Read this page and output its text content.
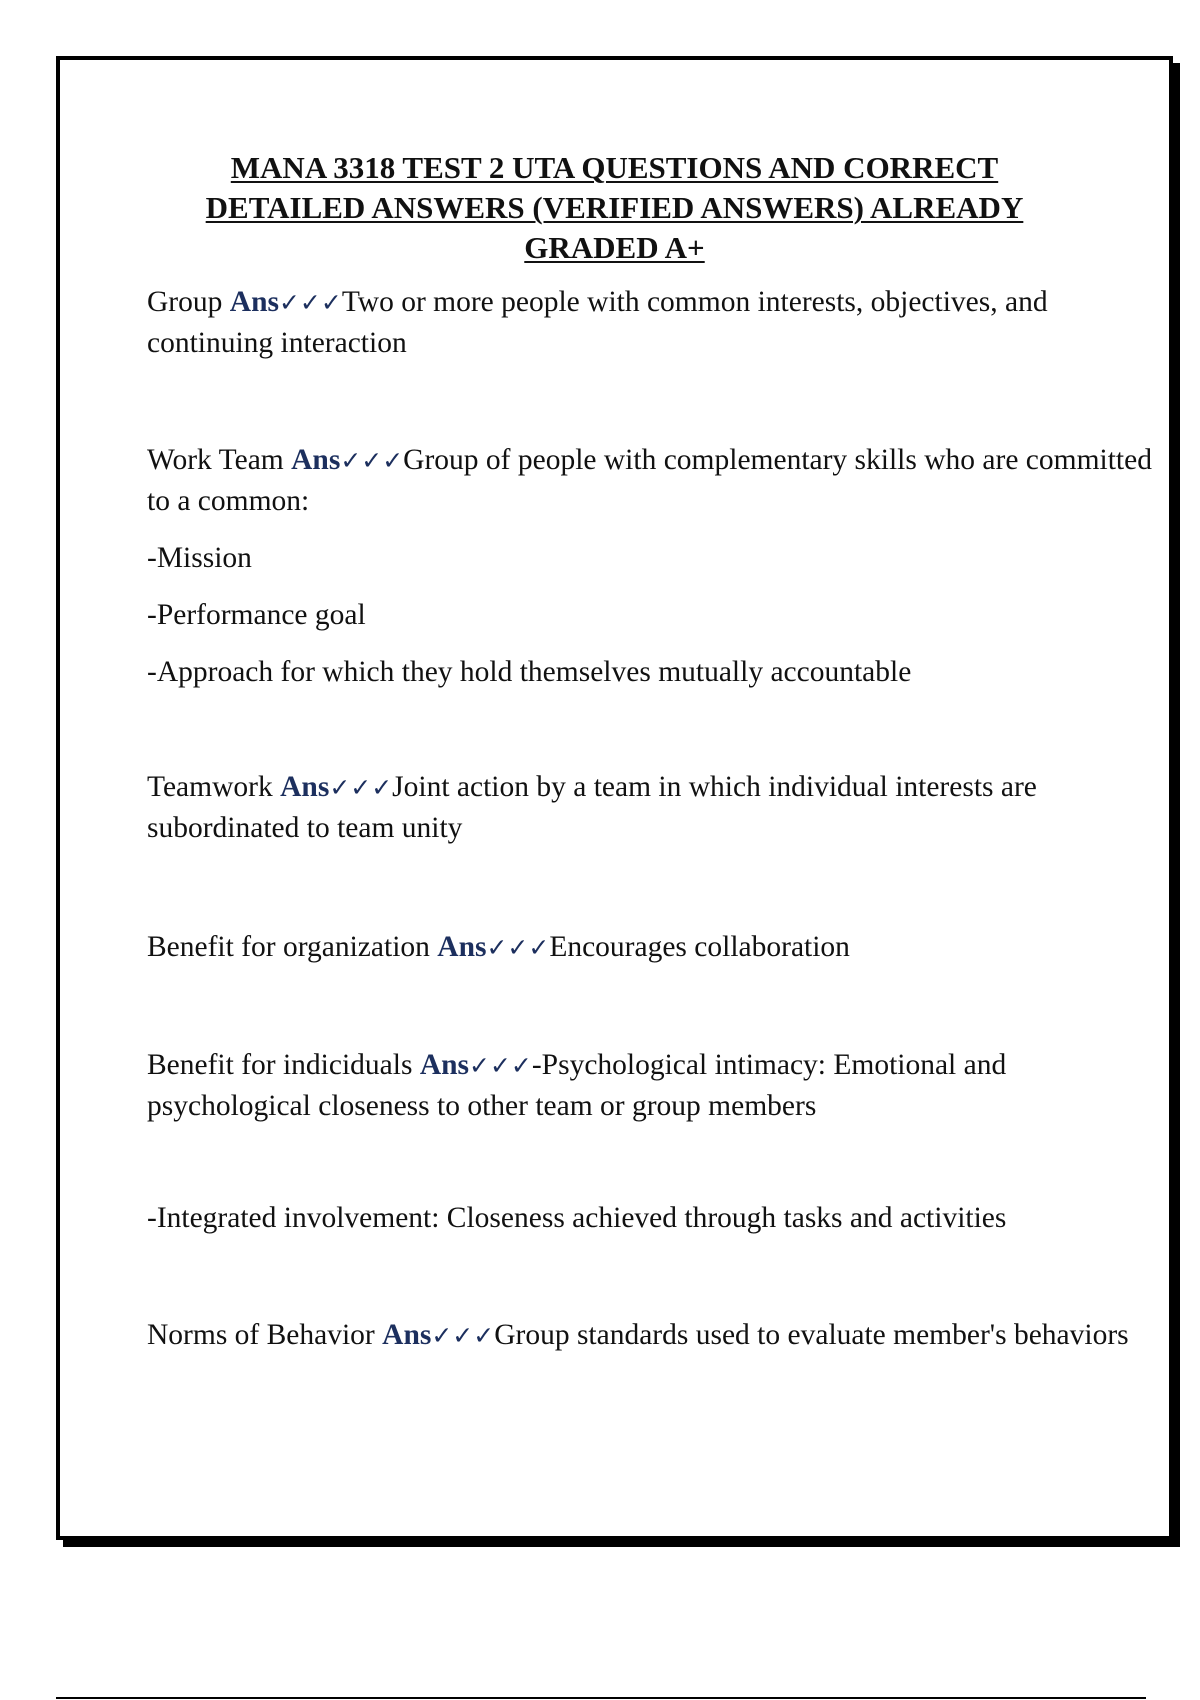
MANA 3318 TEST 2 UTA QUESTIONS AND CORRECT
DETAILED ANSWERS (VERIFIED ANSWERS) ALREADY
GRADED A+
Group Ans✓✓✓Two or more people with common interests, objectives, and continuing interaction
Work Team Ans✓✓✓Group of people with complementary skills who are committed to a common:
-Mission
-Performance goal
-Approach for which they hold themselves mutually accountable
Teamwork Ans✓✓✓Joint action by a team in which individual interests are subordinated to team unity
Benefit for organization Ans✓✓✓Encourages collaboration
Benefit for indiciduals Ans✓✓✓-Psychological intimacy: Emotional and psychological closeness to other team or group members
-Integrated involvement: Closeness achieved through tasks and activities
Norms of Behavior Ans✓✓✓Group standards used to evaluate member's behaviors
